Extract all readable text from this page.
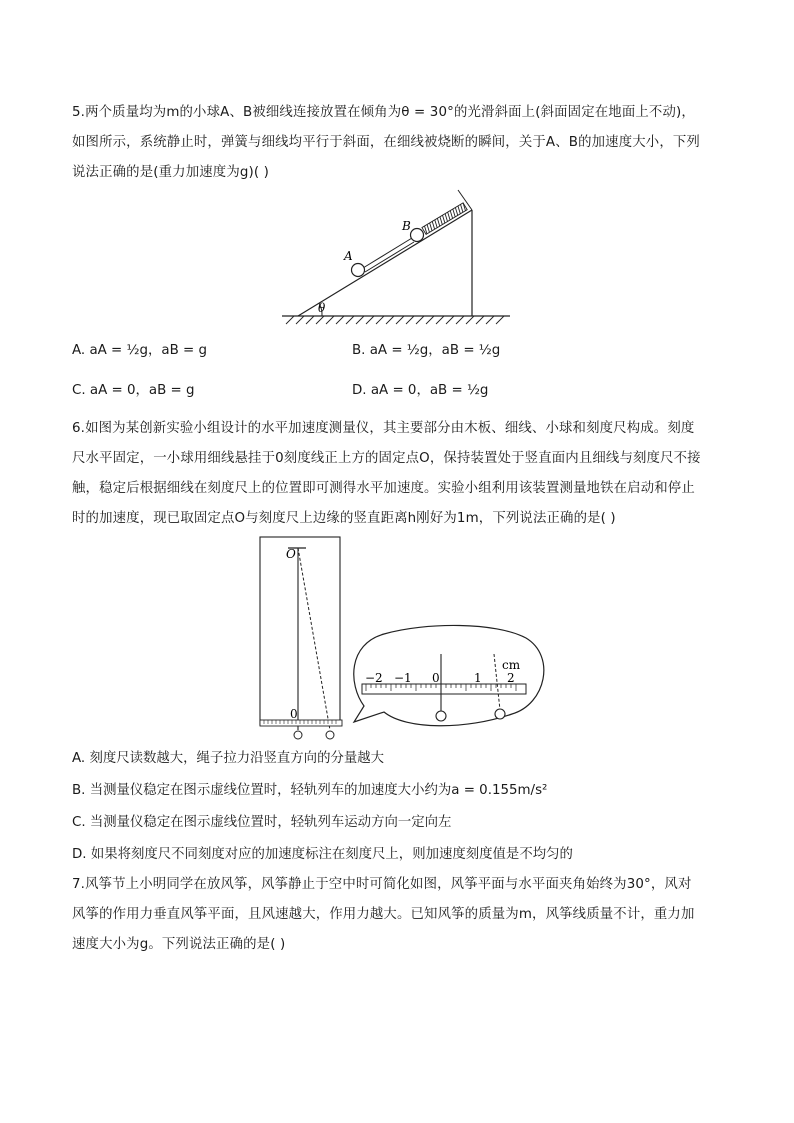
5.两个质量均为m的小球A、B被细线连接放置在倾角为θ = 30°的光滑斜面上(斜面固定在地面上不动)，
如图所示，系统静止时，弹簧与细线均平行于斜面，在细线被烧断的瞬间，关于A、B的加速度大小，下列
说法正确的是(重力加速度为g)( )
θ
A
B
A. aA = ½g，aB = g	B. aA = ½g，aB = ½g
C. aA = 0，aB = g	D. aA = 0，aB = ½g
6.如图为某创新实验小组设计的水平加速度测量仪，其主要部分由木板、细线、小球和刻度尺构成。刻度
尺水平固定，一小球用细线悬挂于0刻度线正上方的固定点O，保持装置处于竖直面内且细线与刻度尺不接
触，稳定后根据细线在刻度尺上的位置即可测得水平加速度。实验小组利用该装置测量地铁在启动和停止
时的加速度，现已取固定点O与刻度尺上边缘的竖直距离h刚好为1m，下列说法正确的是( )
O
0
−2 −1 0	1 2
cm
A. 刻度尺读数越大，绳子拉力沿竖直方向的分量越大
B. 当测量仪稳定在图示虚线位置时，轻轨列车的加速度大小约为a = 0.155m/s²
C. 当测量仪稳定在图示虚线位置时，轻轨列车运动方向一定向左
D. 如果将刻度尺不同刻度对应的加速度标注在刻度尺上，则加速度刻度值是不均匀的
7.风筝节上小明同学在放风筝，风筝静止于空中时可简化如图，风筝平面与水平面夹角始终为30°，风对
风筝的作用力垂直风筝平面，且风速越大，作用力越大。已知风筝的质量为m，风筝线质量不计，重力加
速度大小为g。下列说法正确的是( )
